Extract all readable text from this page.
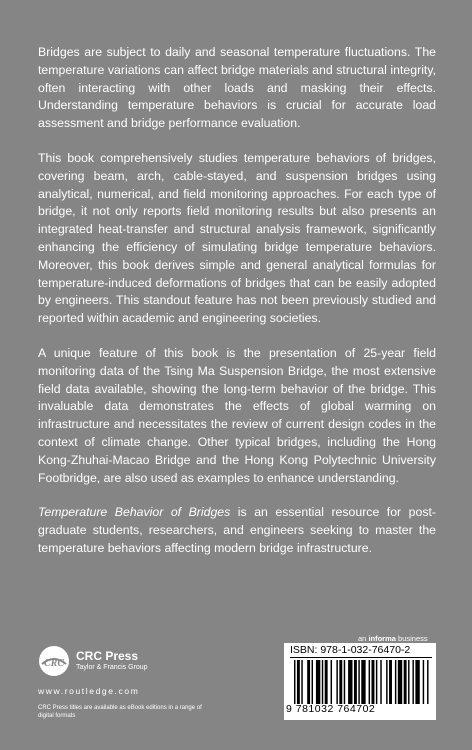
Bridges are subject to daily and seasonal temperature fluctuations. The temperature variations can affect bridge materials and structural integrity, often interacting with other loads and masking their effects. Understanding temperature behaviors is crucial for accurate load assessment and bridge performance evaluation.

This book comprehensively studies temperature behaviors of bridges, covering beam, arch, cable-stayed, and suspension bridges using analytical, numerical, and field monitoring approaches. For each type of bridge, it not only reports field monitoring results but also presents an integrated heat-transfer and structural analysis framework, significantly enhancing the efficiency of simulating bridge temperature behaviors. Moreover, this book derives simple and general analytical formulas for temperature-induced deformations of bridges that can be easily adopted by engineers. This standout feature has not been previously studied and reported within academic and engineering societies.

A unique feature of this book is the presentation of 25-year field monitoring data of the Tsing Ma Suspension Bridge, the most extensive field data available, showing the long-term behavior of the bridge. This invaluable data demonstrates the effects of global warming on infrastructure and necessitates the review of current design codes in the context of climate change. Other typical bridges, including the Hong Kong-Zhuhai-Macao Bridge and the Hong Kong Polytechnic University Footbridge, are also used as examples to enhance understanding.

Temperature Behavior of Bridges is an essential resource for post-graduate students, researchers, and engineers seeking to master the temperature behaviors affecting modern bridge infrastructure.

an informa business
CRC
CRC Press
Taylor & Francis Group
www.routledge.com
CRC Press titles are available as eBook editions in a range of digital formats
ISBN: 978-1-032-76470-2
9 781032 764702
